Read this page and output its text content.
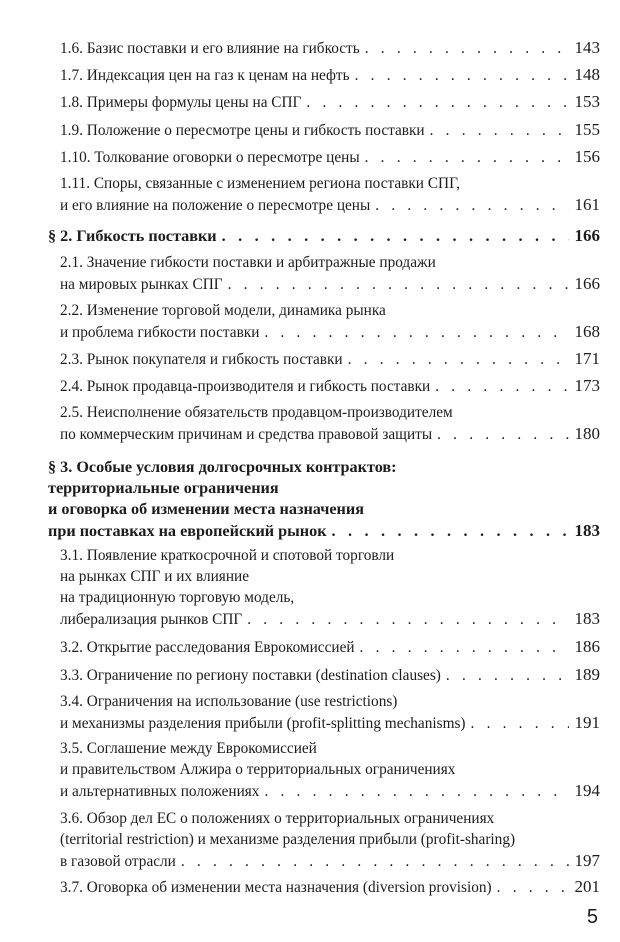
1.6. Базис поставки и его влияние на гибкость . . .	143
1.7. Индексация цен на газ к ценам на нефть . . .	148
1.8. Примеры формулы цены на СПГ . . .	153
1.9. Положение о пересмотре цены и гибкость поставки . . .	155
1.10. Толкование оговорки о пересмотре цены . . .	156
1.11. Споры, связанные с изменением региона поставки СПГ,
и его влияние на положение о пересмотре цены . . .	161
§ 2. Гибкость поставки . . .	166
2.1. Значение гибкости поставки и арбитражные продажи
на мировых рынках СПГ . . .	166
2.2. Изменение торговой модели, динамика рынка
и проблема гибкости поставки . . .	168
2.3. Рынок покупателя и гибкость поставки . . .	171
2.4. Рынок продавца-производителя и гибкость поставки . . .	173
2.5. Неисполнение обязательств продавцом-производителем
по коммерческим причинам и средства правовой защиты . . .	180
§ 3. Особые условия долгосрочных контрактов:
территориальные ограничения
и оговорка об изменении места назначения
при поставках на европейский рынок . . .	183
3.1. Появление краткосрочной и спотовой торговли
на рынках СПГ и их влияние
на традиционную торговую модель,
либерализация рынков СПГ . . .	183
3.2. Открытие расследования Еврокомиссией . . .	186
3.3. Ограничение по региону поставки (destination clauses) . . .	189
3.4. Ограничения на использование (use restrictions)
и механизмы разделения прибыли (profit-splitting mechanisms) . . .	191
3.5. Соглашение между Еврокомиссией
и правительством Алжира о территориальных ограничениях
и альтернативных положениях . . .	194
3.6. Обзор дел ЕС о положениях о территориальных ограничениях
(territorial restriction) и механизме разделения прибыли (profit-sharing)
в газовой отрасли . . .	197
3.7. Оговорка об изменении места назначения (diversion provision) . . .	201
5
